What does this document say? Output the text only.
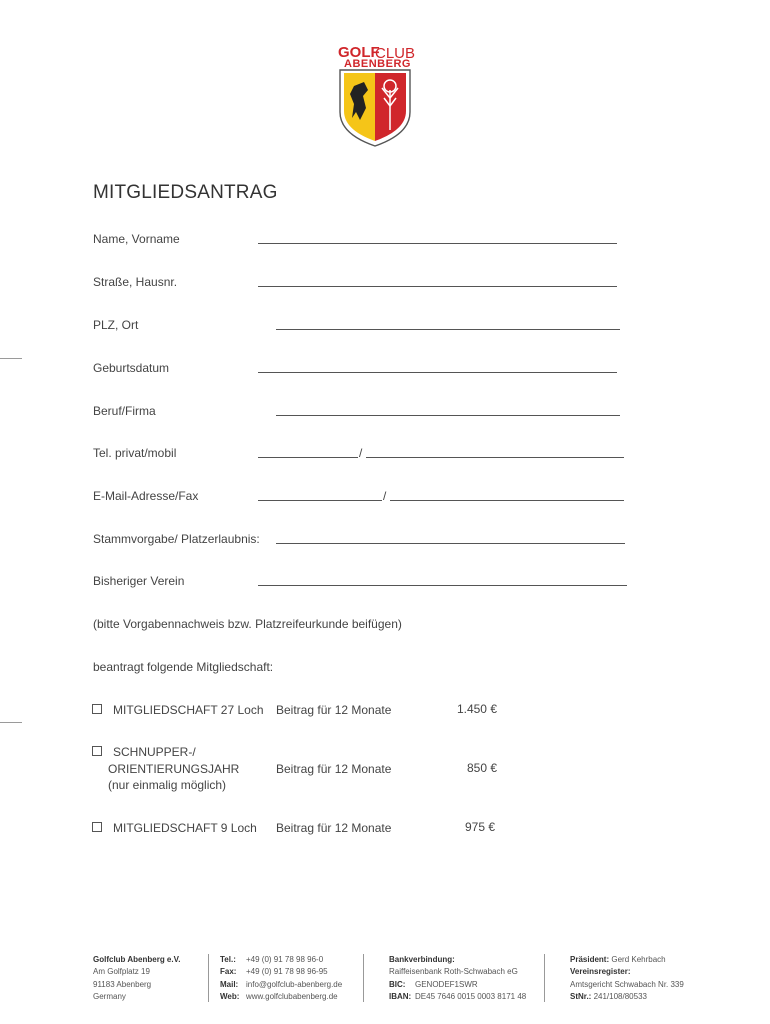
GOLF
CLUB
ABENBERG
MITGLIEDSANTRAG
Name, Vorname
Straße, Hausnr.
PLZ, Ort
Geburtsdatum
Beruf/Firma
Tel. privat/mobil	/
E-Mail-Adresse/Fax	/
Stammvorgabe/ Platzerlaubnis:
Bisheriger Verein
(bitte Vorgabennachweis bzw. Platzreifeurkunde beifügen)
beantragt folgende Mitgliedschaft:
MITGLIEDSCHAFT 27 Loch Beitrag für 12 Monate	1.450 €
SCHNUPPER-/
ORIENTIERUNGSJAHR
(nur einmalig möglich)
Beitrag für 12 Monate	850 €
MITGLIEDSCHAFT 9 Loch Beitrag für 12 Monate	975 €
Golfclub Abenberg e.V.
Am Golfplatz 19
91183 Abenberg
Germany
Tel.: +49 (0) 91 78 98 96-0
Fax: +49 (0) 91 78 98 96-95
Mail: info@golfclub-abenberg.de
Web: www.golfclubabenberg.de
Bankverbindung:
Raiffeisenbank Roth-Schwabach eG
BIC: GENODEF1SWR
IBAN: DE45 7646 0015 0003 8171 48
Präsident: Gerd Kehrbach
Vereinsregister:
Amtsgericht Schwabach Nr. 339
StNr.: 241/108/80533
